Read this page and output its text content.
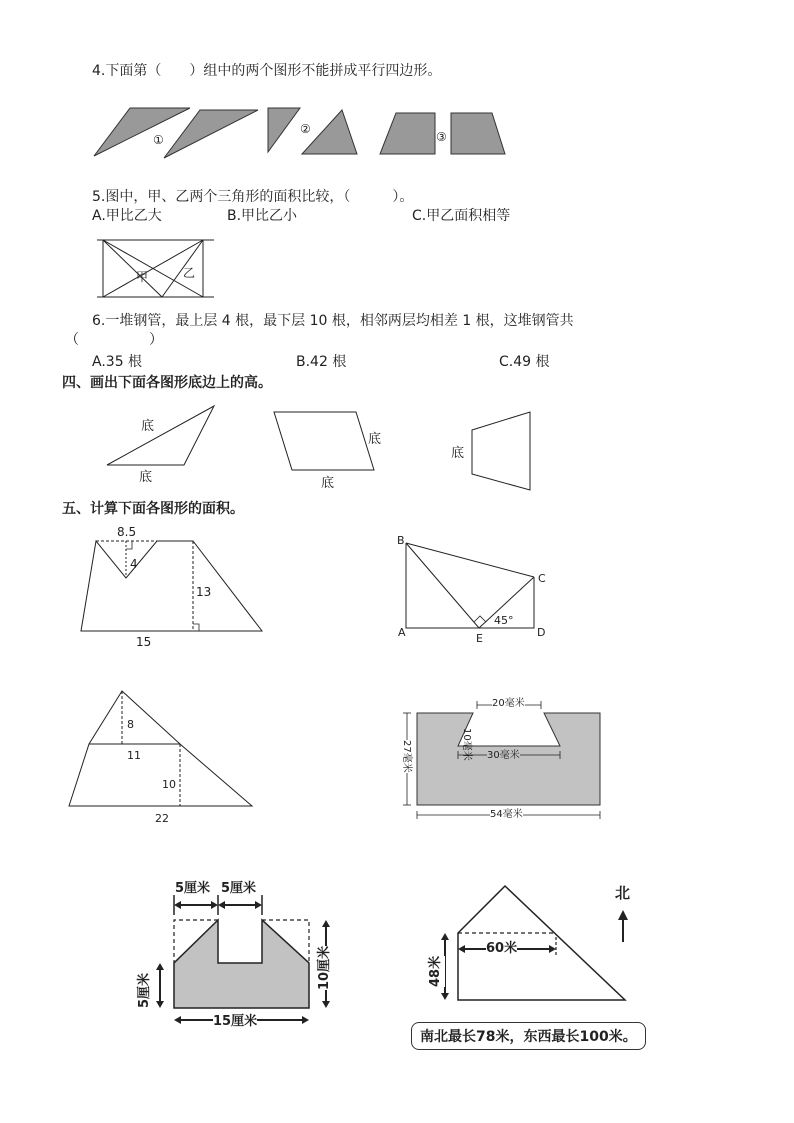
4.下面第（　　）组中的两个图形不能拼成平行四边形。
①
②
③
5.图中，甲、乙两个三角形的面积比较，（　　　）。
A.甲比乙大	B.甲比乙小	C.甲乙面积相等
甲	乙
6.一堆钢管，最上层 4 根，最下层 10 根，相邻两层均相差 1 根，这堆钢管共
（　　　　　）
A.35 根	B.42 根	C.49 根
四、画出下面各图形底边上的高。
底
底
底
底
底
五、计算下面各图形的面积。
8.5
4
13
15
B
C
A	E	D
45°
8
11
10
22
20毫米
10毫米 30毫米
27毫米
54毫米
5厘米 5厘米
5厘米
10厘米
15厘米
北
60米
48米
南北最长78米，东西最长100米。
